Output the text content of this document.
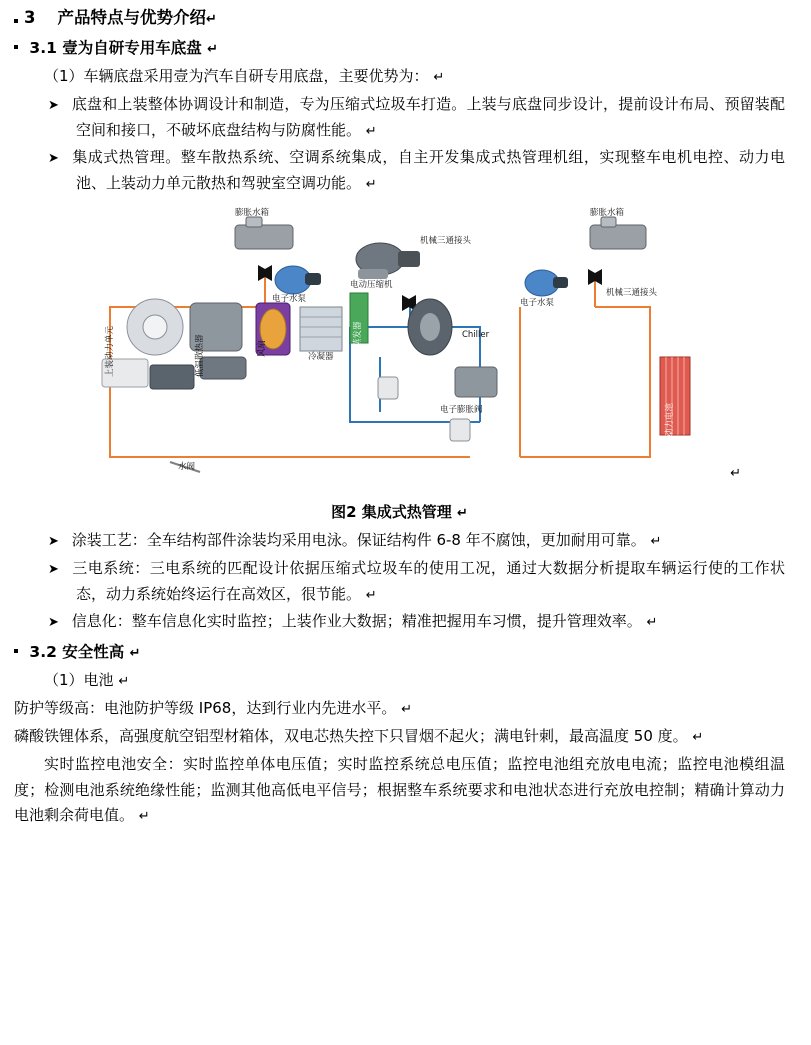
3 产品特点与优势介绍 ↵
3.1 壹为自研专用车底盘 ↵

（1）车辆底盘采用壹为汽车自研专用底盘，主要优势为： ↵

➤ 底盘和上装整体协调设计和制造，专为压缩式垃圾车打造。上装与底盘同步设计，提前设计布局、预留装配空间和接口，不破坏底盘结构与防腐性能。 ↵

➤ 集成式热管理。整车散热系统、空调系统集成，自主开发集成式热管理机组，实现整车电机电控、动力电池、上装动力单元散热和驾驶室空调功能。 ↵

膨胀水箱	膨胀水箱
电子水泵	电子水泵
电动压缩机
机械三通接头
机械三通接头
冷凝器
Chiller
电子膨胀阀
水阀
上装动力单元	低温散热器	风扇
蒸发器
动力电池
↵
图2 集成式热管理 ↵

➤ 涂装工艺：全车结构部件涂装均采用电泳。保证结构件 6-8 年不腐蚀，更加耐用可靠。 ↵

➤ 三电系统：三电系统的匹配设计依据压缩式垃圾车的使用工况，通过大数据分析提取车辆运行使的工作状态，动力系统始终运行在高效区，很节能。 ↵

➤ 信息化：整车信息化实时监控；上装作业大数据；精准把握用车习惯，提升管理效率。 ↵

3.2 安全性高 ↵

（1）电池 ↵

防护等级高：电池防护等级 IP68，达到行业内先进水平。 ↵

磷酸铁锂体系，高强度航空铝型材箱体，双电芯热失控下只冒烟不起火；满电针刺，最高温度 50 度。 ↵

实时监控电池安全：实时监控单体电压值；实时监控系统总电压值；监控电池组充放电电流；监控电池模组温度；检测电池系统绝缘性能；监测其他高低电平信号；根据整车系统要求和电池状态进行充放电控制；精确计算动力电池剩余荷电值。 ↵
